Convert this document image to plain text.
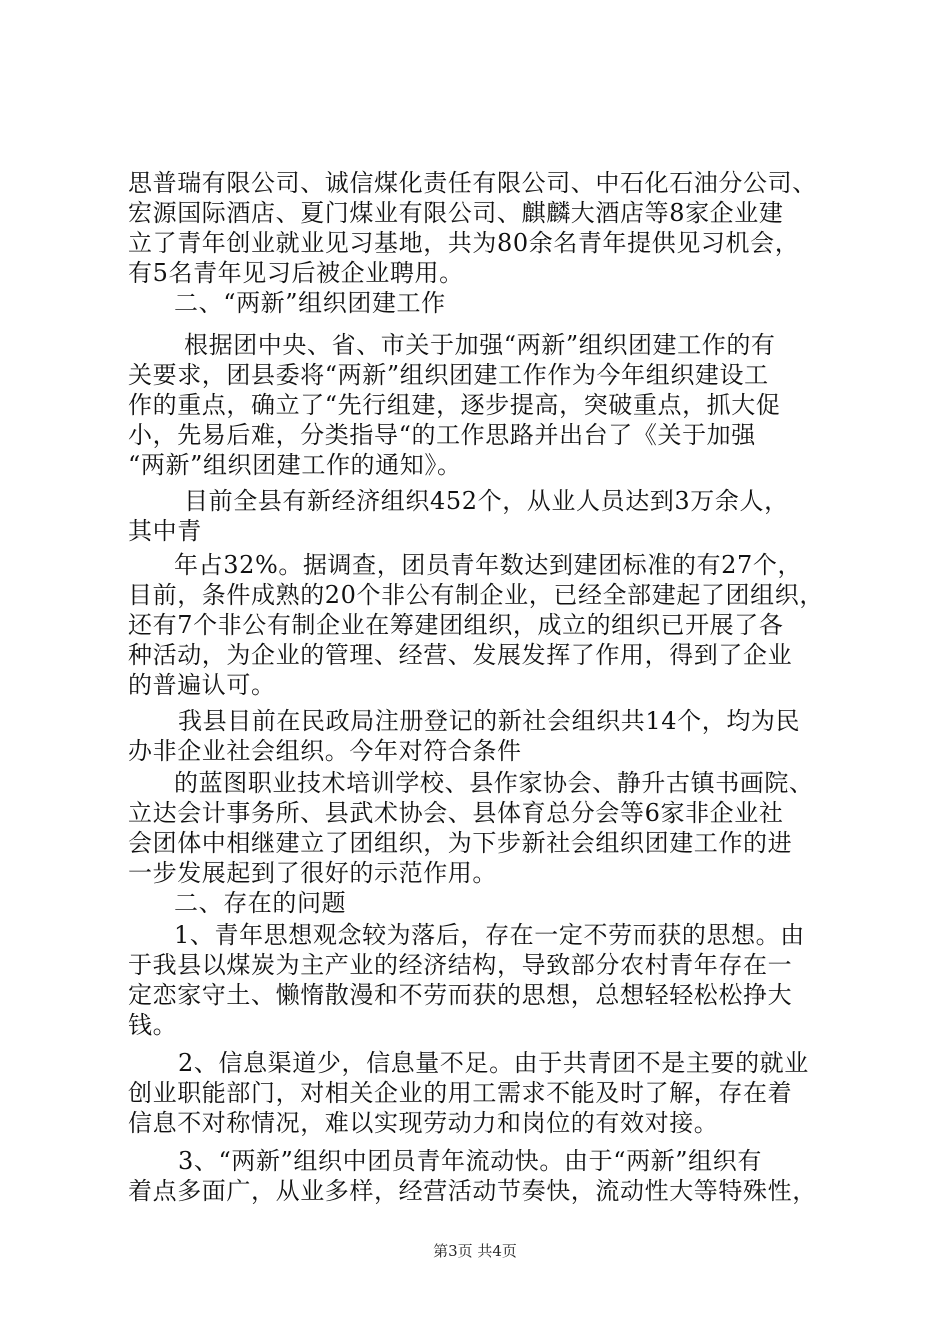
思普瑞有限公司、诚信煤化责任有限公司、中石化石油分公司、
宏源国际酒店、夏门煤业有限公司、麒麟大酒店等8家企业建
立了青年创业就业见习基地，共为80余名青年提供见习机会，
有5名青年见习后被企业聘用。
二、“两新”组织团建工作
根据团中央、省、市关于加强“两新”组织团建工作的有
关要求，团县委将“两新”组织团建工作作为今年组织建设工
作的重点，确立了“先行组建，逐步提高，突破重点，抓大促
小，先易后难，分类指导“的工作思路并出台了《关于加强
“两新”组织团建工作的通知》。
目前全县有新经济组织452个，从业人员达到3万余人，
其中青
年占32%。据调查，团员青年数达到建团标准的有27个，
目前，条件成熟的20个非公有制企业，已经全部建起了团组织，
还有7个非公有制企业在筹建团组织，成立的组织已开展了各
种活动，为企业的管理、经营、发展发挥了作用，得到了企业
的普遍认可。
我县目前在民政局注册登记的新社会组织共14个，均为民
办非企业社会组织。今年对符合条件
的蓝图职业技术培训学校、县作家协会、静升古镇书画院、
立达会计事务所、县武术协会、县体育总分会等6家非企业社
会团体中相继建立了团组织，为下步新社会组织团建工作的进
一步发展起到了很好的示范作用。
二、存在的问题
1、青年思想观念较为落后，存在一定不劳而获的思想。由
于我县以煤炭为主产业的经济结构，导致部分农村青年存在一
定恋家守土、懒惰散漫和不劳而获的思想，总想轻轻松松挣大
钱。
2、信息渠道少，信息量不足。由于共青团不是主要的就业
创业职能部门，对相关企业的用工需求不能及时了解，存在着
信息不对称情况，难以实现劳动力和岗位的有效对接。
3、“两新”组织中团员青年流动快。由于“两新”组织有
着点多面广，从业多样，经营活动节奏快，流动性大等特殊性，
第3页 共4页
